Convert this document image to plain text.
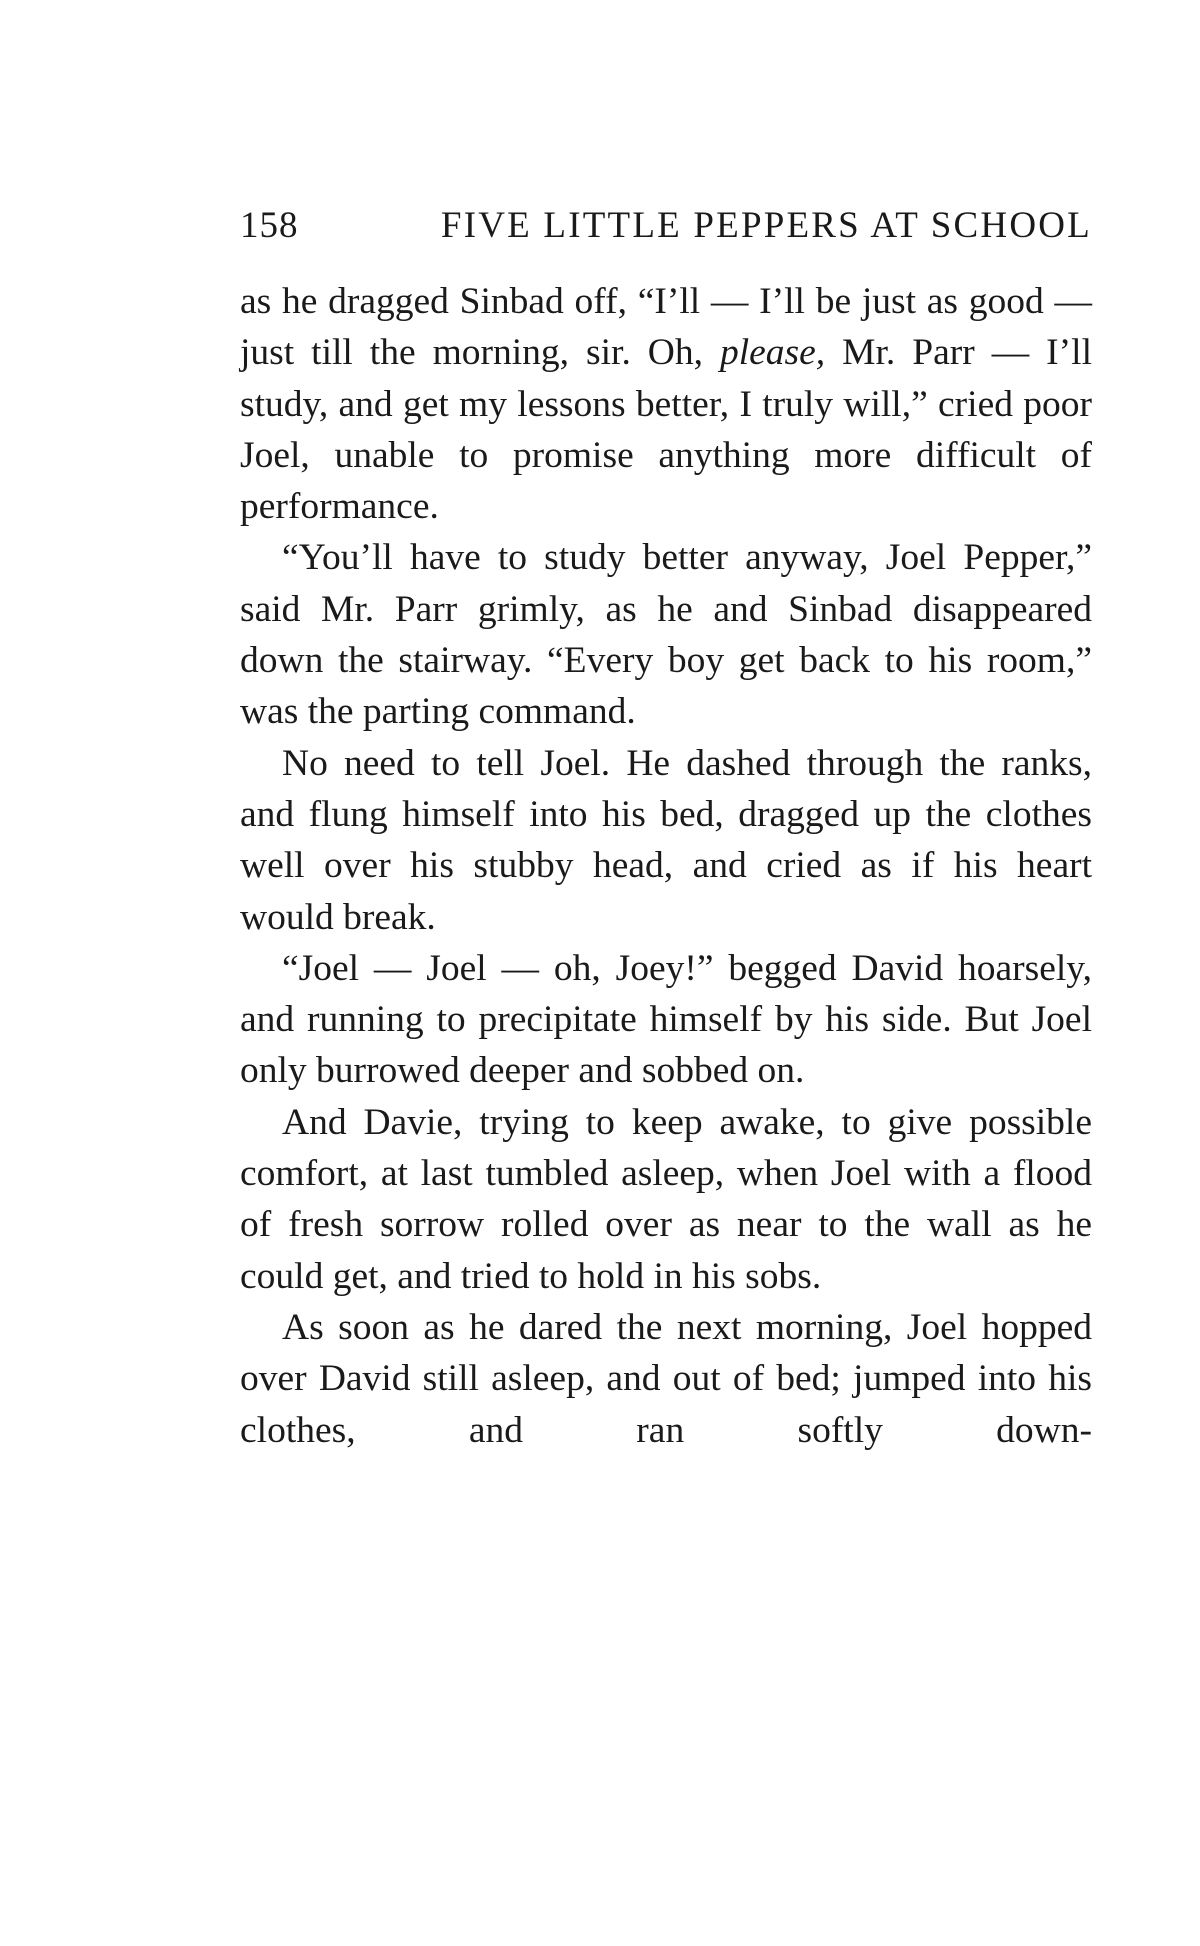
158	FIVE LITTLE PEPPERS AT SCHOOL

as he dragged Sinbad off, “I’ll — I’ll be just as good — just till the morning, sir. Oh, please, Mr. Parr — I’ll study, and get my lessons better, I truly will,” cried poor Joel, unable to promise anything more difficult of performance.

“You’ll have to study better anyway, Joel Pepper,” said Mr. Parr grimly, as he and Sinbad disappeared down the stairway. “Every boy get back to his room,” was the parting command.

No need to tell Joel. He dashed through the ranks, and flung himself into his bed, dragged up the clothes well over his stubby head, and cried as if his heart would break.

“Joel — Joel — oh, Joey!” begged David hoarsely, and running to precipitate himself by his side. But Joel only burrowed deeper and sobbed on.

And Davie, trying to keep awake, to give possible comfort, at last tumbled asleep, when Joel with a flood of fresh sorrow rolled over as near to the wall as he could get, and tried to hold in his sobs.

As soon as he dared the next morning, Joel hopped over David still asleep, and out of bed; jumped into his clothes, and ran softly down-
